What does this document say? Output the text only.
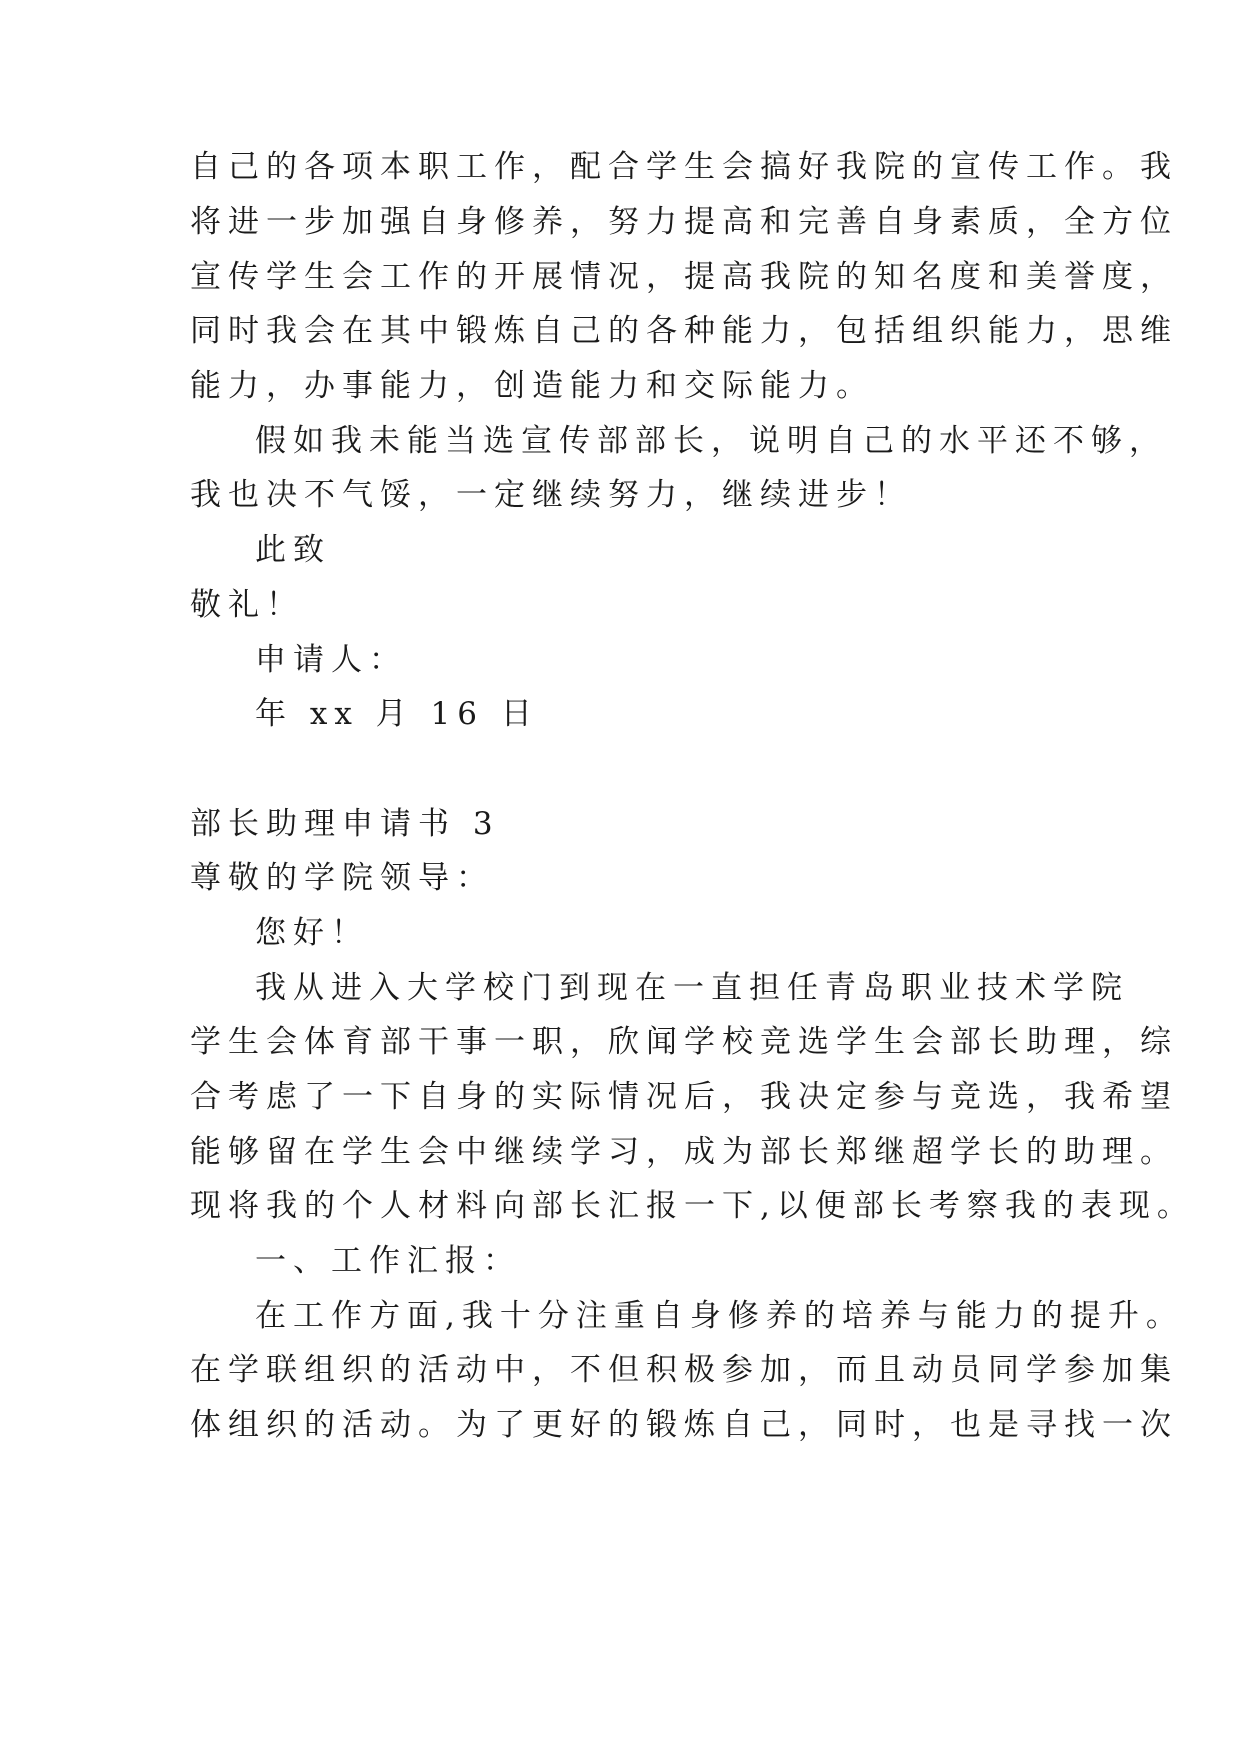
自己的各项本职工作，配合学生会搞好我院的宣传工作。我
将进一步加强自身修养，努力提高和完善自身素质，全方位
宣传学生会工作的开展情况，提高我院的知名度和美誉度，
同时我会在其中锻炼自己的各种能力，包括组织能力，思维
能力，办事能力，创造能力和交际能力。
假如我未能当选宣传部部长，说明自己的水平还不够，
我也决不气馁，一定继续努力，继续进步！
此致
敬礼！
申请人：
年 xx 月 16 日
部长助理申请书 3
尊敬的学院领导：
您好！
我从进入大学校门到现在一直担任青岛职业技术学院
学生会体育部干事一职，欣闻学校竞选学生会部长助理，综
合考虑了一下自身的实际情况后，我决定参与竞选，我希望
能够留在学生会中继续学习，成为部长郑继超学长的助理。
现将我的个人材料向部长汇报一下,以便部长考察我的表现。
一、工作汇报：
在工作方面,我十分注重自身修养的培养与能力的提升。
在学联组织的活动中，不但积极参加，而且动员同学参加集
体组织的活动。为了更好的锻炼自己，同时，也是寻找一次
